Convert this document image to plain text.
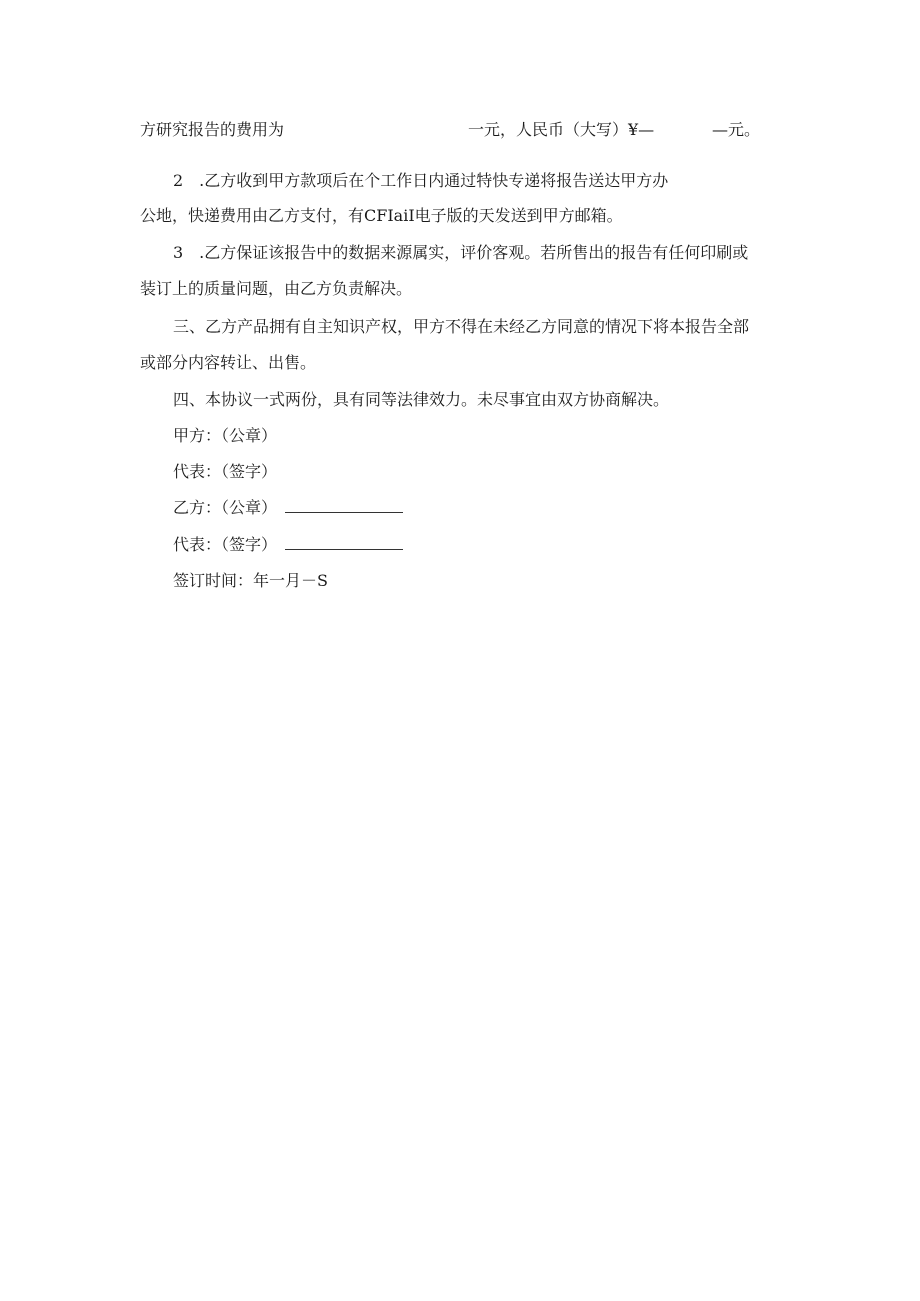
方研究报告的费用为	一元，人民币（大写）¥—	—元。
2　.乙方收到甲方款项后在个工作日内通过特快专递将报告送达甲方办
公地，快递费用由乙方支付，有CFIaiI电子版的天发送到甲方邮箱。
3　.乙方保证该报告中的数据来源属实，评价客观。若所售出的报告有任何印刷或
装订上的质量问题，由乙方负责解决。
三、乙方产品拥有自主知识产权，甲方不得在未经乙方同意的情况下将本报告全部
或部分内容转让、出售。
四、本协议一式两份，具有同等法律效力。未尽事宜由双方协商解决。
甲方：（公章）
代表：（签字）
乙方：（公章）
代表：（签字）
签订时间：年一月－S
